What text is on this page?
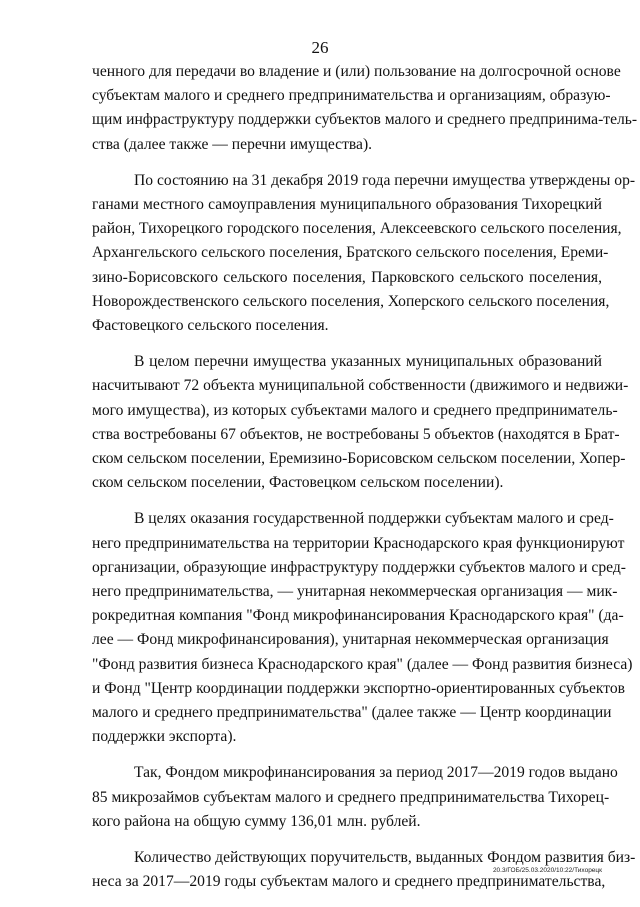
26
ченного для передачи во владение и (или) пользование на долгосрочной основе
субъектам малого и среднего предпринимательства и организациям, образую-
щим инфраструктуру поддержки субъектов малого и среднего предпринима-тель-
ства (далее также — перечни имущества).
По состоянию на 31 декабря 2019 года перечни имущества утверждены ор-
ганами местного самоуправления муниципального образования Тихорецкий
район, Тихорецкого городского поселения, Алексеевского сельского поселения,
Архангельского сельского поселения, Братского сельского поселения, Ереми-
зино-Борисовского сельского поселения, Парковского сельского поселения,
Новорождественского сельского поселения, Хоперского сельского поселения,
Фастовецкого сельского поселения.
В целом перечни имущества указанных муниципальных образований
насчитывают 72 объекта муниципальной собственности (движимого и недвижи-
мого имущества), из которых субъектами малого и среднего предприниматель-
ства востребованы 67 объектов, не востребованы 5 объектов (находятся в Брат-
ском сельском поселении, Еремизино-Борисовском сельском поселении, Хопер-
ском сельском поселении, Фастовецком сельском поселении).
В целях оказания государственной поддержки субъектам малого и сред-
него предпринимательства на территории Краснодарского края функционируют
организации, образующие инфраструктуру поддержки субъектов малого и сред-
него предпринимательства, — унитарная некоммерческая организация — мик-
рокредитная компания "Фонд микрофинансирования Краснодарского края" (да-
лее — Фонд микрофинансирования), унитарная некоммерческая организация
"Фонд развития бизнеса Краснодарского края" (далее — Фонд развития бизнеса)
и Фонд "Центр координации поддержки экспортно-ориентированных субъектов
малого и среднего предпринимательства" (далее также — Центр координации
поддержки экспорта).
Так, Фондом микрофинансирования за период 2017—2019 годов выдано
85 микрозаймов субъектам малого и среднего предпринимательства Тихорец-
кого района на общую сумму 136,01 млн. рублей.
Количество действующих поручительств, выданных Фондом развития биз-
неса за 2017—2019 годы субъектам малого и среднего предпринимательства,
20.3/ГОБ/25.03.2020/10:22/Тихорецк
